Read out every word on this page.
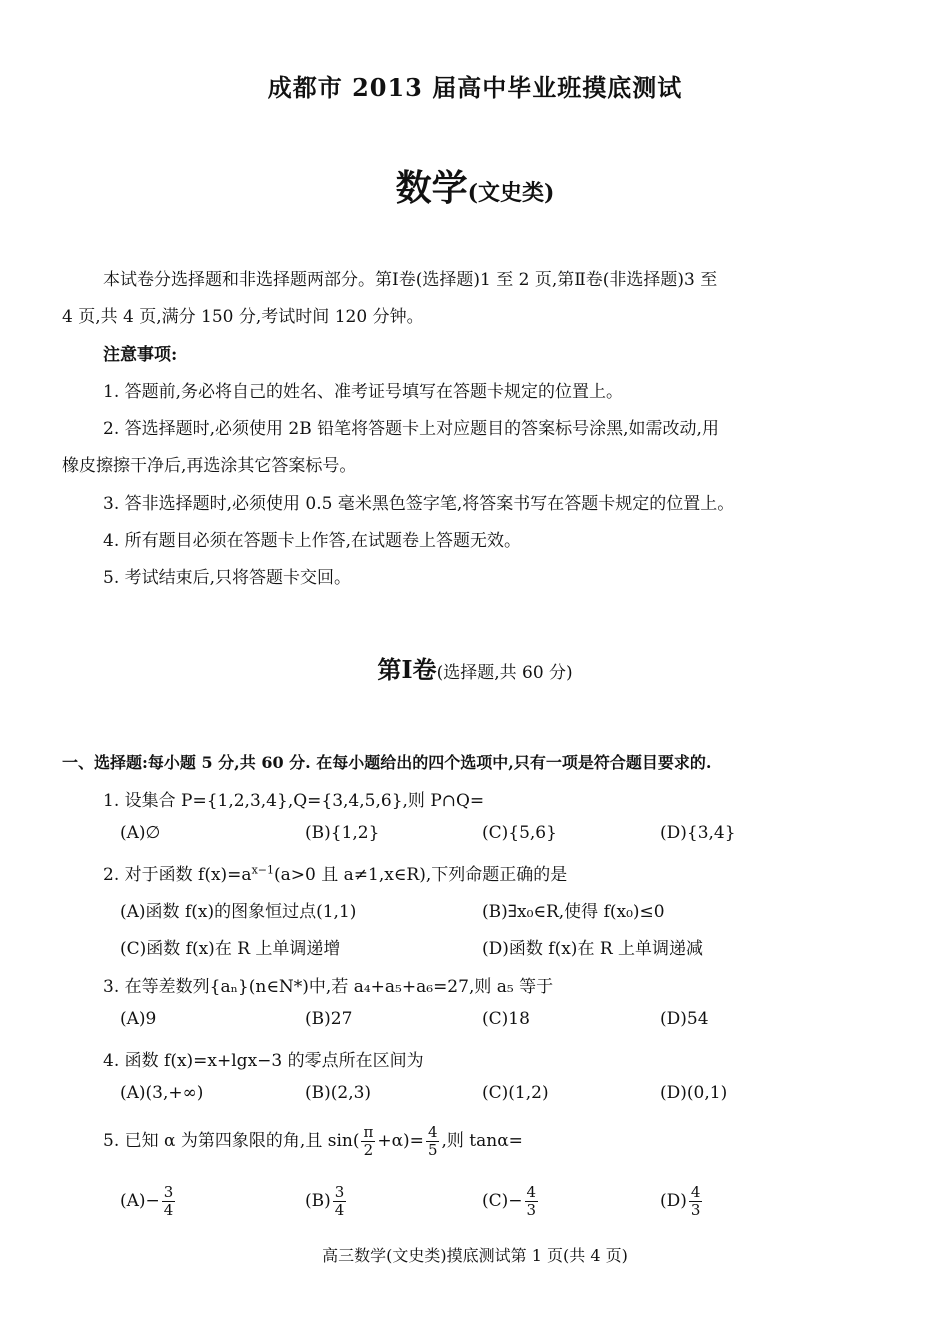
成都市 2013 届高中毕业班摸底测试
数学(文史类)
本试卷分选择题和非选择题两部分。第Ⅰ卷(选择题)1 至 2 页,第Ⅱ卷(非选择题)3 至
4 页,共 4 页,满分 150 分,考试时间 120 分钟。
注意事项:
1. 答题前,务必将自己的姓名、准考证号填写在答题卡规定的位置上。
2. 答选择题时,必须使用 2B 铅笔将答题卡上对应题目的答案标号涂黑,如需改动,用
橡皮擦擦干净后,再选涂其它答案标号。
3. 答非选择题时,必须使用 0.5 毫米黑色签字笔,将答案书写在答题卡规定的位置上。
4. 所有题目必须在答题卡上作答,在试题卷上答题无效。
5. 考试结束后,只将答题卡交回。
第Ⅰ卷(选择题,共 60 分)
一、选择题:每小题 5 分,共 60 分. 在每小题给出的四个选项中,只有一项是符合题目要求的.
1. 设集合 P={1,2,3,4},Q={3,4,5,6},则 P∩Q=
(A)∅	(B){1,2}	(C){5,6}	(D){3,4}
2. 对于函数 $f(x)=a^{x-1}(a>0$ 且 a≠1,x∈R),下列命题正确的是
(A)函数 f(x)的图象恒过点(1,1)	(B)∃x₀∈R,使得 f(x₀)≤0
(C)函数 f(x)在 R 上单调递增	(D)函数 f(x)在 R 上单调递减
3. 在等差数列{aₙ}(n∈N*)中,若 a₄+a₅+a₆=27,则 a₅ 等于
(A)9	(B)27	(C)18	(D)54
4. 函数 f(x)=x+lgx−3 的零点所在区间为
(A)(3,+∞)	(B)(2,3)	(C)(1,2)	(D)(0,1)
5. 已知 α 为第四象限的角,且 $\sin( \frac{\pi}{2} +\alpha)= \frac{4}{5}$ ,则 tanα=
$(A)- \frac{3}{4}$	$(B) \frac{3}{4}$	$(C)- \frac{4}{3}$	$(D) \frac{4}{3}$
高三数学(文史类)摸底测试第 1 页(共 4 页)
